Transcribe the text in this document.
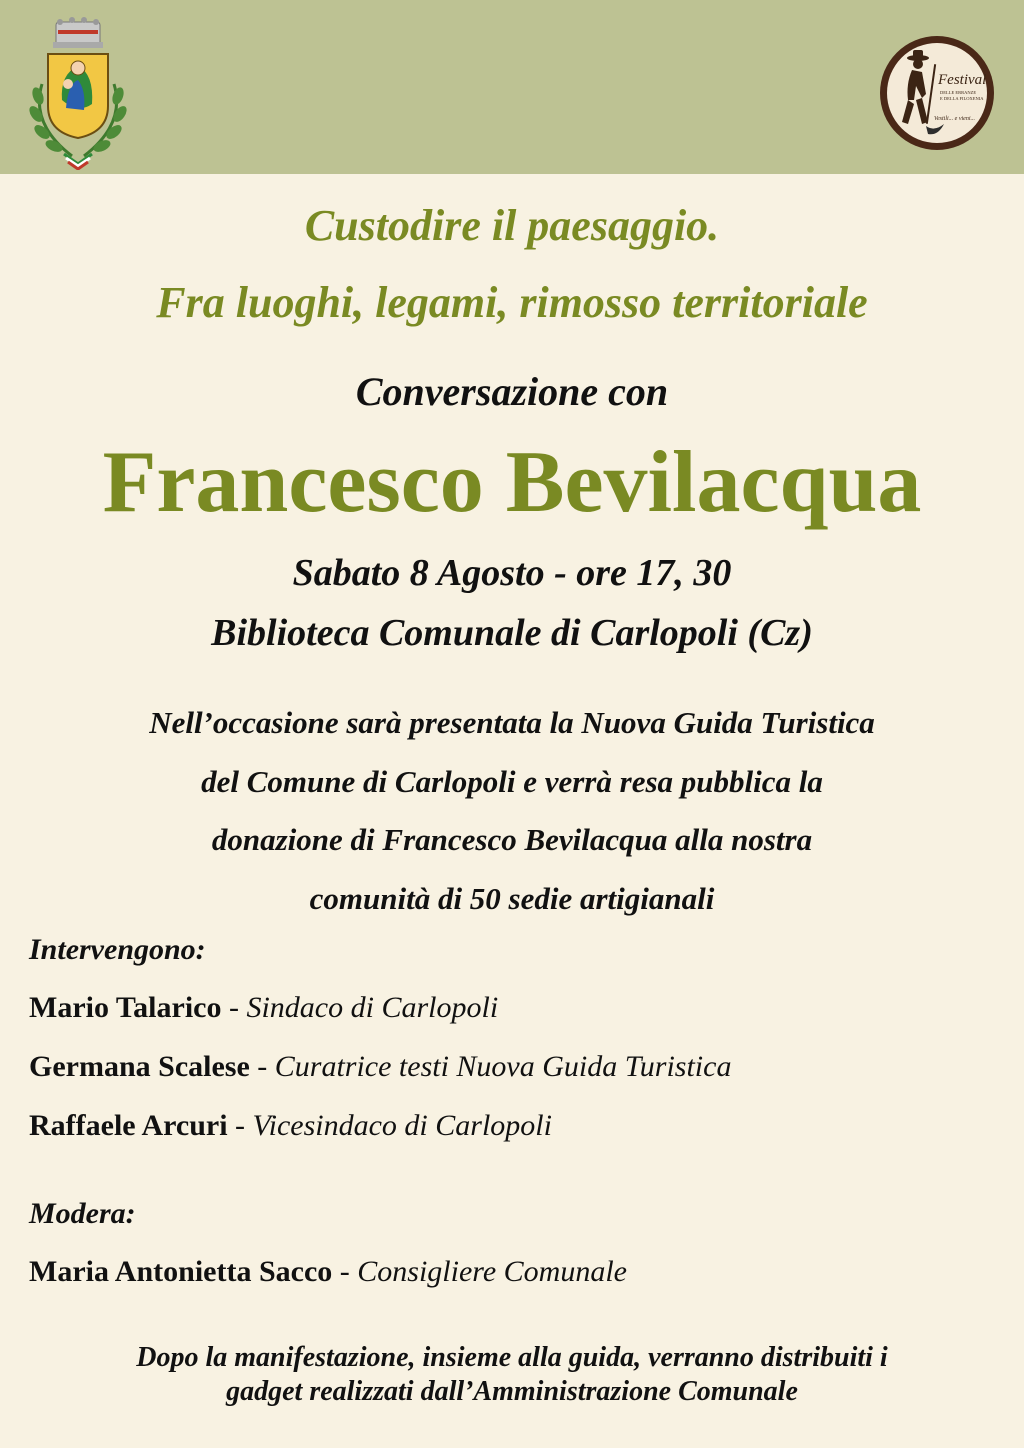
Festival
DELLE ERRANZE
E DELLA FILOXENIA
Vestili... e vieni...
Custodire il paesaggio.
Fra luoghi, legami, rimosso territoriale
Conversazione con
Francesco Bevilacqua
Sabato 8 Agosto - ore 17, 30
Biblioteca Comunale di Carlopoli (Cz)
Nell’occasione sarà presentata la Nuova Guida Turistica
del Comune di Carlopoli e verrà resa pubblica la
donazione di Francesco Bevilacqua alla nostra
comunità di 50 sedie artigianali
Intervengono:
Mario Talarico - Sindaco di Carlopoli
Germana Scalese - Curatrice testi Nuova Guida Turistica
Raffaele Arcuri - Vicesindaco di Carlopoli
Modera:
Maria Antonietta Sacco - Consigliere Comunale
Dopo la manifestazione, insieme alla guida, verranno distribuiti i
gadget realizzati dall’Amministrazione Comunale
